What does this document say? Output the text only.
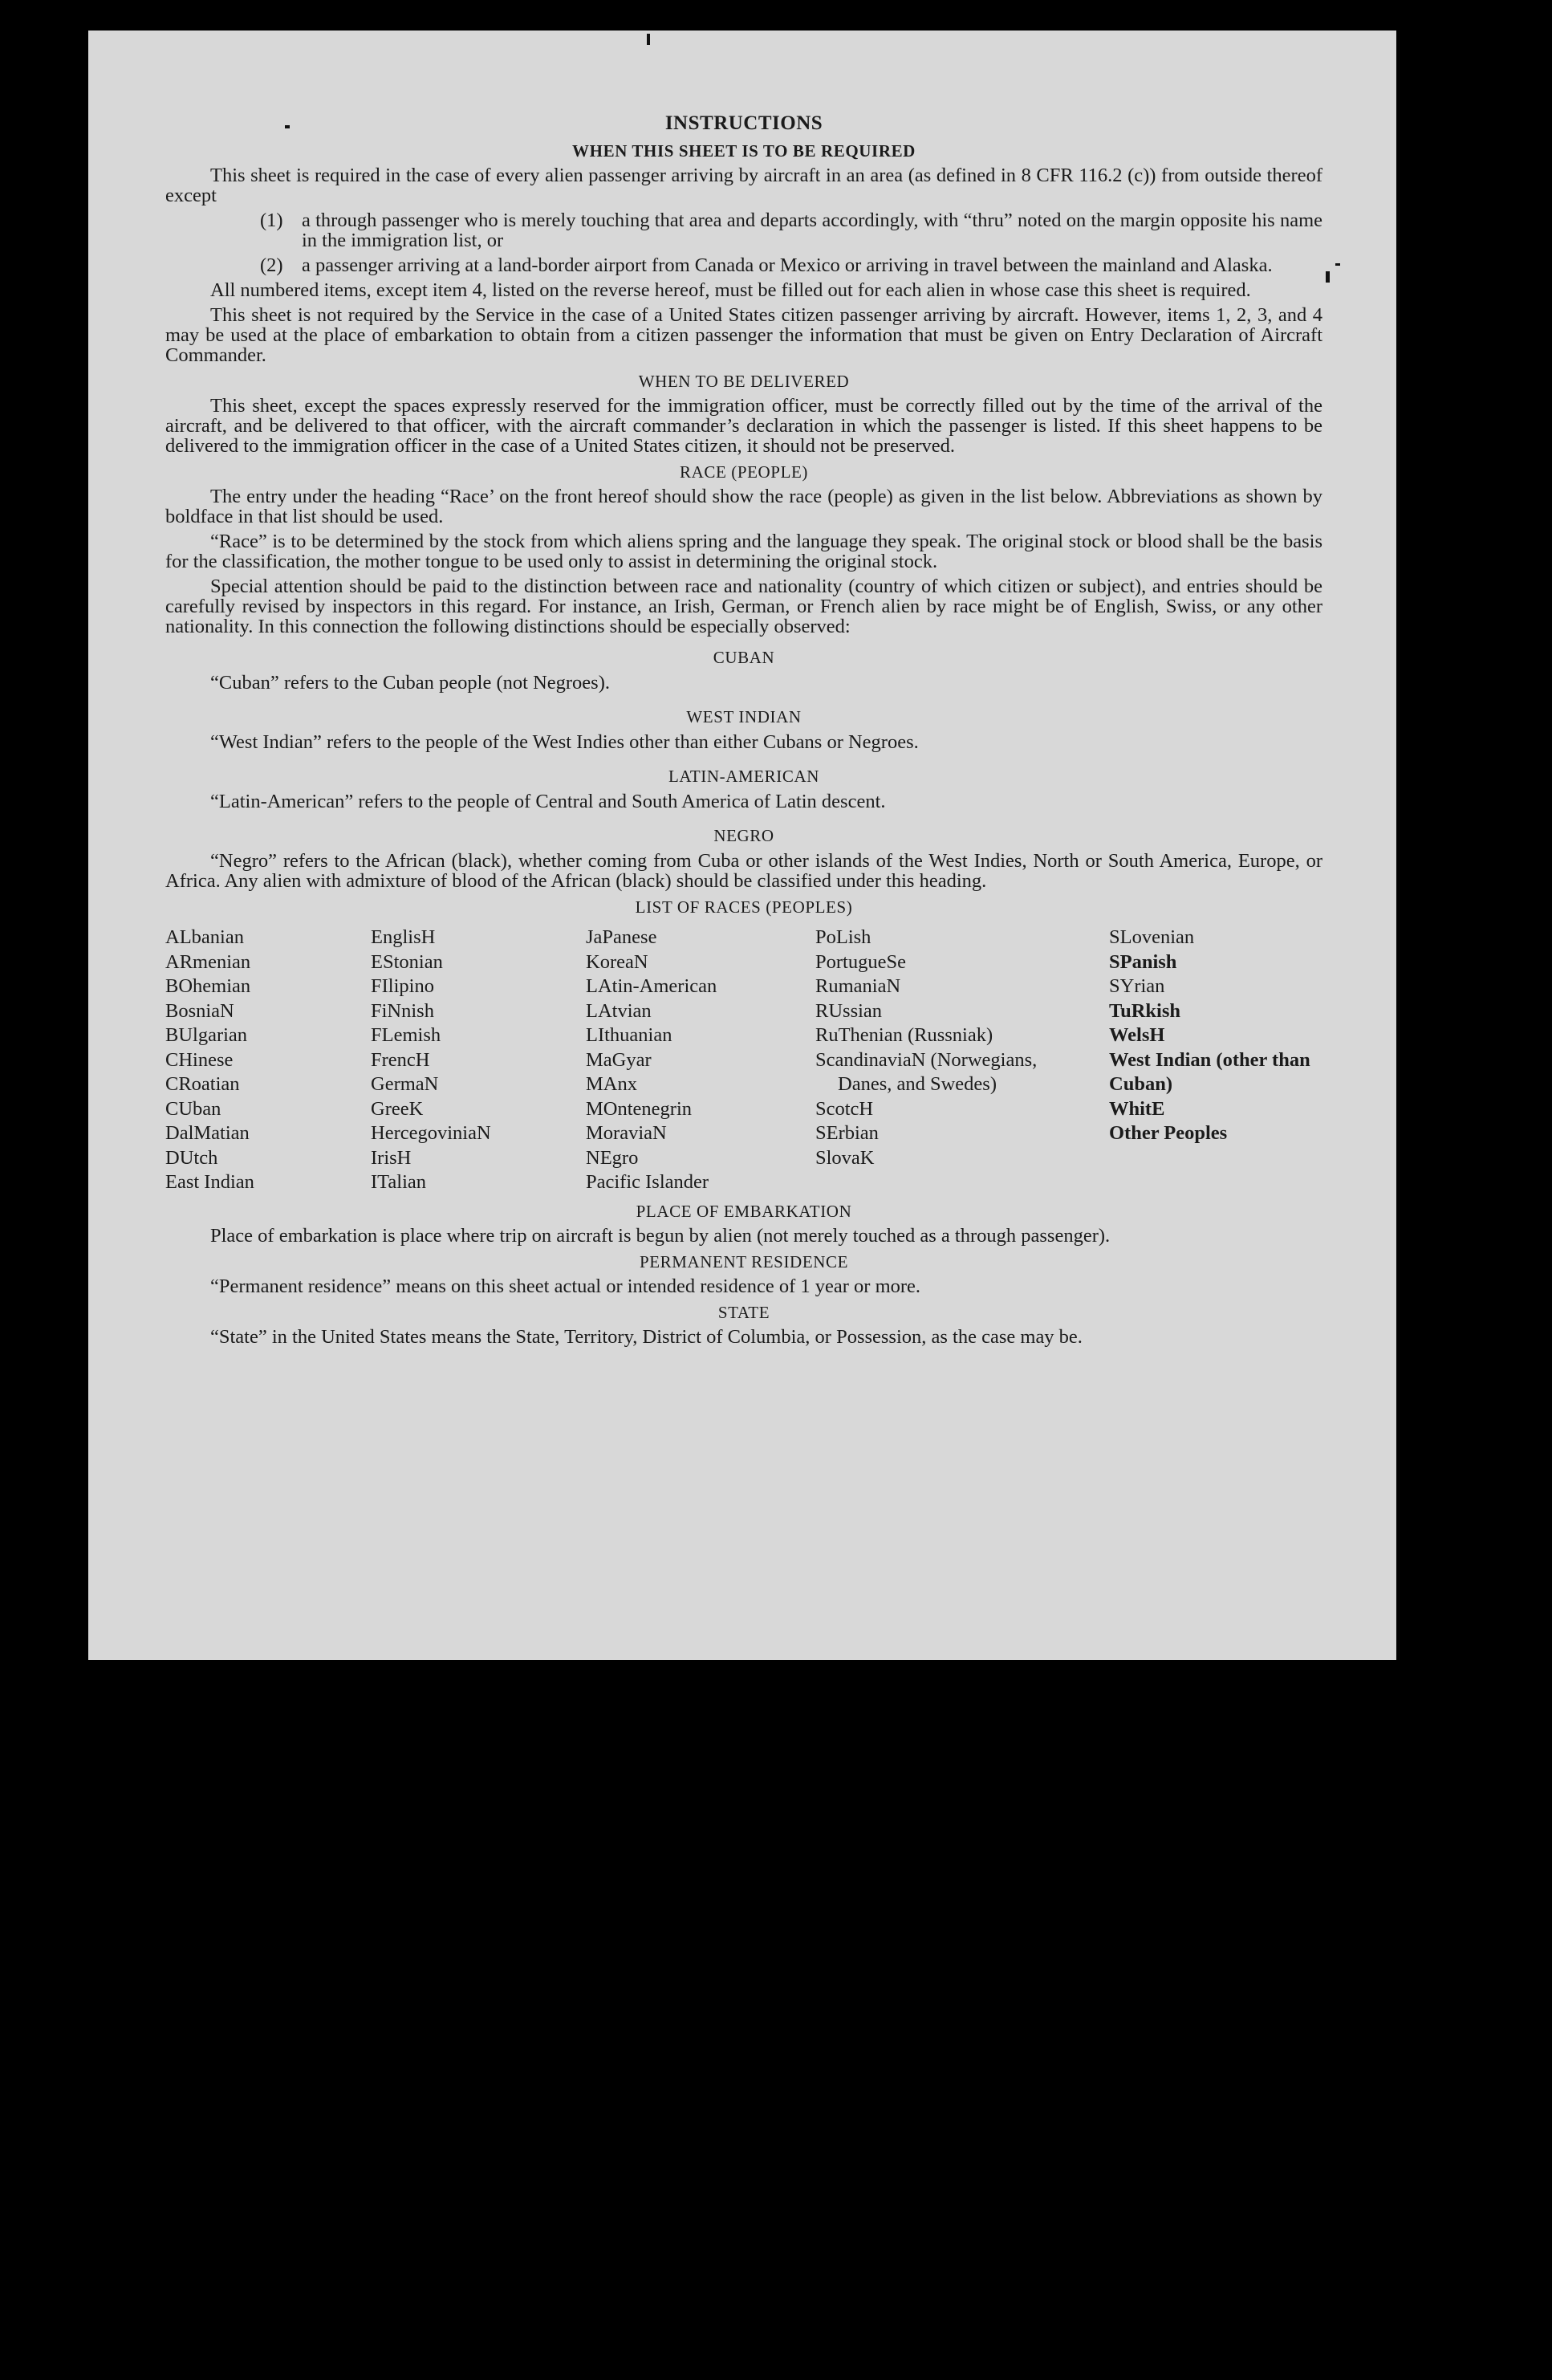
INSTRUCTIONS
WHEN THIS SHEET IS TO BE REQUIRED

This sheet is required in the case of every alien passenger arriving by aircraft in an area (as defined in 8 CFR 116.2 (c)) from outside thereof except

(1) a through passenger who is merely touching that area and departs accordingly, with “thru” noted on the margin opposite his name in the immigration list, or
(2) a passenger arriving at a land-border airport from Canada or Mexico or arriving in travel between the mainland and Alaska.

All numbered items, except item 4, listed on the reverse hereof, must be filled out for each alien in whose case this sheet is required.

This sheet is not required by the Service in the case of a United States citizen passenger arriving by aircraft. However, items 1, 2, 3, and 4 may be used at the place of embarkation to obtain from a citizen passenger the information that must be given on Entry Declaration of Aircraft Commander.

WHEN TO BE DELIVERED

This sheet, except the spaces expressly reserved for the immigration officer, must be correctly filled out by the time of the arrival of the aircraft, and be delivered to that officer, with the aircraft commander’s declaration in which the passenger is listed. If this sheet happens to be delivered to the immigration officer in the case of a United States citizen, it should not be preserved.

RACE (PEOPLE)

The entry under the heading “Race’ on the front hereof should show the race (people) as given in the list below. Abbreviations as shown by boldface in that list should be used.

“Race” is to be determined by the stock from which aliens spring and the language they speak. The original stock or blood shall be the basis for the classification, the mother tongue to be used only to assist in determining the original stock.

Special attention should be paid to the distinction between race and nationality (country of which citizen or subject), and entries should be carefully revised by inspectors in this regard. For instance, an Irish, German, or French alien by race might be of English, Swiss, or any other nationality. In this connection the following distinctions should be especially observed:

CUBAN
“Cuban” refers to the Cuban people (not Negroes).
WEST INDIAN
“West Indian” refers to the people of the West Indies other than either Cubans or Negroes.
LATIN-AMERICAN
“Latin-American” refers to the people of Central and South America of Latin descent.
NEGRO
“Negro” refers to the African (black), whether coming from Cuba or other islands of the West Indies, North or South America, Europe, or Africa. Any alien with admixture of blood of the African (black) should be classified under this heading.
LIST OF RACES (PEOPLES)
ALbanian
ARmenian
BOhemian
BosniaN
BUlgarian
CHinese
CRoatian
CUban
DalMatian
DUtch
East Indian
EnglisH
EStonian
FIlipino
FiNnish
FLemish
FrencH
GermaN
GreeK
HercegoviniaN
IrisH
ITalian
JaPanese
KoreaN
LAtin-American
LAtvian
LIthuanian
MaGyar
MAnx
MOntenegrin
MoraviaN
NEgro
Pacific Islander
PoLish
PortugueSe
RumaniaN
RUssian
RuThenian (Russniak)
ScandinaviaN (Norwegians, Danes, and Swedes)
ScotcH
SErbian
SlovaK
SLovenian
SPanish
SYrian
TuRkish
WelsH
West Indian (other than Cuban)
WhitE
Other Peoples
PLACE OF EMBARKATION

Place of embarkation is place where trip on aircraft is begun by alien (not merely touched as a through passenger).

PERMANENT RESIDENCE

“Permanent residence” means on this sheet actual or intended residence of 1 year or more.

STATE

“State” in the United States means the State, Territory, District of Columbia, or Possession, as the case may be.
